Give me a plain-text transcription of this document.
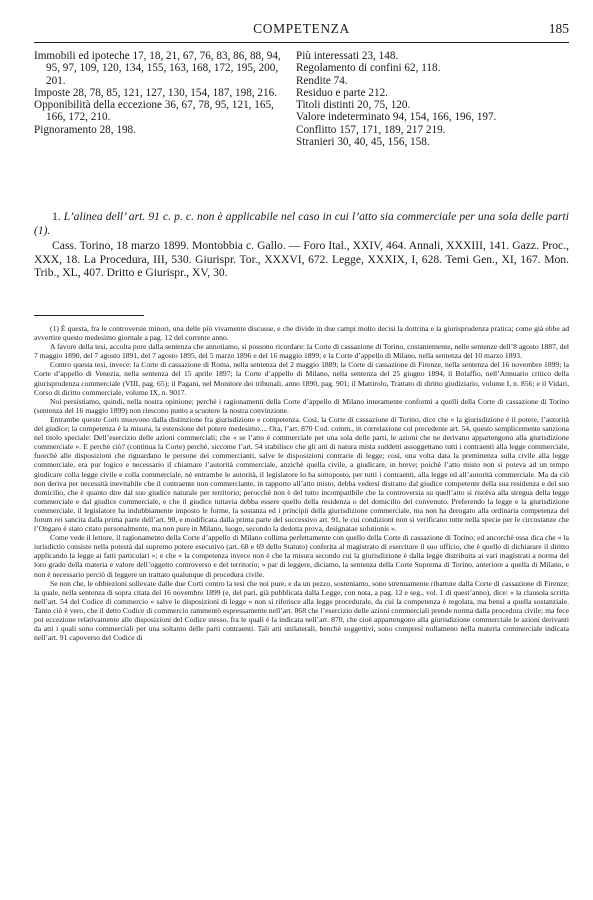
COMPETENZA	185

Immobili ed ipoteche 17, 18, 21, 67, 76, 83, 86, 88, 94, 95, 97, 109, 120, 134, 155, 163, 168, 172, 195, 200, 201.

Imposte 28, 78, 85, 121, 127, 130, 154, 187, 198, 216.

Opponibilità della eccezione 36, 67, 78, 95, 121, 165, 166, 172, 210.

Pignoramento 28, 198.

Più interessati 23, 148.

Regolamento di confini 62, 118.

Rendite 74.

Residuo e parte 212.

Titoli distinti 20, 75, 120.

Valore indeterminato 94, 154, 166, 196, 197.

Conflitto 157, 171, 189, 217 219.

Stranieri 30, 40, 45, 156, 158.

1. L’alinea dell’ art. 91 c. p. c. non è applicabile nel caso in cui l’atto sia commerciale per una sola delle parti (1).

Cass. Torino, 18 marzo 1899. Montobbia c. Gallo. — Foro Ital., XXIV, 464. Annali, XXXIII, 141. Gazz. Proc., XXX, 18. La Procedura, III, 530. Giurispr. Tor., XXXVI, 672. Legge, XXXIX, I, 628. Temi Gen., XI, 167. Mon. Trib., XL, 407. Dritto e Giurispr., XV, 30.

(1) È questa, fra le controversie minori, una delle più vivamente discusse, e che divide in due campi molto decisi la dottrina e la giurisprudenza pratica; come già ebbe ad avvertire questo medesimo giornale a pag. 12 del corrente anno.

A favore della tesi, accolta pure dalla sentenza che annotiamo, si possono ricordare: la Corte di cassazione di Torino, costantemente, nelle sentenze dell’8 agosto 1887, del 7 maggio 1890, del 7 agosto 1891, del 7 agosto 1895, del 5 marzo 1896 e del 16 maggio 1899; e la Corte d’appello di Milano, nella sentenza del 10 marzo 1893.

Contro questa tesi, invece: la Corte di cassazione di Roma, nella sentenza del 2 maggio 1889; la Corte di cassazione di Firenze, nella sentenza del 16 novembre 1899; la Corte d’appello di Venezia, nella sentenza del 15 aprile 1897; la Corte d’appello di Milano, nella sentenza del 25 giugno 1894, il Bolaffio, nell’Annuario critico della giurisprudenza commerciale (VIII, pag. 65); il Pagani, nel Monitore dei tribunali, anno 1890, pag. 901; il Mattirolo, Trattato di diritto giudiziario, volume I, n. 856; e il Vidari, Corso di diritto commerciale, volume IX, n. 9017.

Noi persistiamo, quindi, nella nostra opinione; perchè i ragionamenti della Corte d’appello di Milano interamente conformi a quelli della Corte di cassazione di Torino (sentenza del 16 maggio 1899) non riescono punto a scuotere la nostra convinzione.

Entrambe queste Corti muovono dalla distinzione fra giurisdizione e competenza. Così, la Corte di cassazione di Torino, dice che « la giurisdizione è il potere, l’autorità del giudice; la competenza è la misura, la estensione del potere medesimo.... Ora, l’art. 870 Cod. comm., in correlazione col precedente art. 54, questo semplicemente sanziona nel titolo speciale: Dell’esercizio delle azioni commerciali; che « se l’atto è commerciale per una sola delle parti, le azioni che ne derivano appartengono alla giurisdizione commerciale ». E perchè ciò? (continua la Corte) perchè, siccome l’art. 54 stabilisce che gli atti di natura mista suddetti assoggettano tutti i contraenti alla legge commerciale, fuorchè alle disposizioni che riguardano le persone dei commercianti, salve le disposizioni contrarie di legge; così, una volta data la preminenza sulla civile alla legge commerciale, era pur logico e necessario il chiamare l’autorità commerciale, anzichè quella civile, a giudicare, in breve; poichè l’atto misto non si poteva ad un tempo giudicare colla legge civile e colla commerciale, nè entrambe le autorità, il legislatore lo ha sottoposto, per tutti i contraenti, alla legge ed all’autorità commerciale. Ma da ciò non deriva per necessità inevitabile che il contraente non commerciante, in rapporto all’atto misto, debba vedersi distratto dal giudice competente della sua residenza e del suo domicilio, che è quanto dire dal suo giudice naturale per territorio; perocchè non è del tutto incompatibile che la controversia su quell’atto si risolva alla stregua della legge commerciale e dal giudice commerciale, e che il giudice tuttavia debba essere quello della residenza o del domicilio del convenuto. Preferendo la legge e la giurisdizione commerciale, il legislatore ha indubbiamente imposto le forme, la sostanza ed i principii della giurisdizione commerciale, ma non ha derogato alla ordinaria competenza del forum rei sancita dalla prima parte dell’art. 90, e modificata dalla prima parte del successivo art. 91, le cui condizioni non si verificano tutte nella specie per le circostanze che l’Ongaro è stato citato personalmente, ma non pure in Milano, luogo, secondo la dedotta prova, designatae solutionis ».

Come vede il lettore, il ragionamento della Corte d’appello di Milano collima perfettamente con quello della Corte di cassazione di Torino; ed ancorchè essa dica che « la iurisdictio consiste nella potestà dal supremo potere esecutivo (art. 68 e 69 dello Statuto) conferita al magistrato di esercitare il suo ufficio, che è quello di dichiarare il diritto applicando la legge ai fatti particolari »; e che « la competenza invece non è che la misura secondo cui la giurisdizione è dalla legge distribuita ai vari magistrati a norma del loro grado della materia e valore dell’oggetto controverso e del territorio; » par di leggere, diciamo, la sentenza della Corte Suprema di Torino, anteriore a quella di Milano, e non è necessario perciò di leggere un trattato qualunque di procedura civile.

Se non che, le obbiezioni sollevate dalle due Corti contro la tesi che noi pure, e da un pezzo, sosteniamo, sono strenuamente ribattute dalla Corte di cassazione di Firenze; la quale, nella sentenza di sopra citata del 16 novembre 1899 (e, del pari, già pubblicata dalla Legge, con nota, a pag. 12 e seg., vol. 1 di quest’anno), dice: « la clausola scritta nell’art. 54 del Codice di commercio « salve le disposizioni di legge » non si riferisce alla legge procedurale, da cui la competenza è regolata, ma bensì a quella sostanziale. Tanto ciò è vero, che il detto Codice di commercio rammentò espressamente nell’art. 868 che l’esercizio delle azioni commerciali prende norma dalla procedura civile; ma fece poi eccezione relativamente alle disposizioni del Codice stesso, fra le quali è la indicata nell’art. 870, che cioè appartengono alla giurisdizione commerciale le azioni derivanti da atti i quali sono commerciali per una soltanto delle parti contraenti. Tali atti unilaterali, benchè soggettivi, sono compresi nullameno nella materia commerciale indicata nell’art. 91 capoverso del Codice di
